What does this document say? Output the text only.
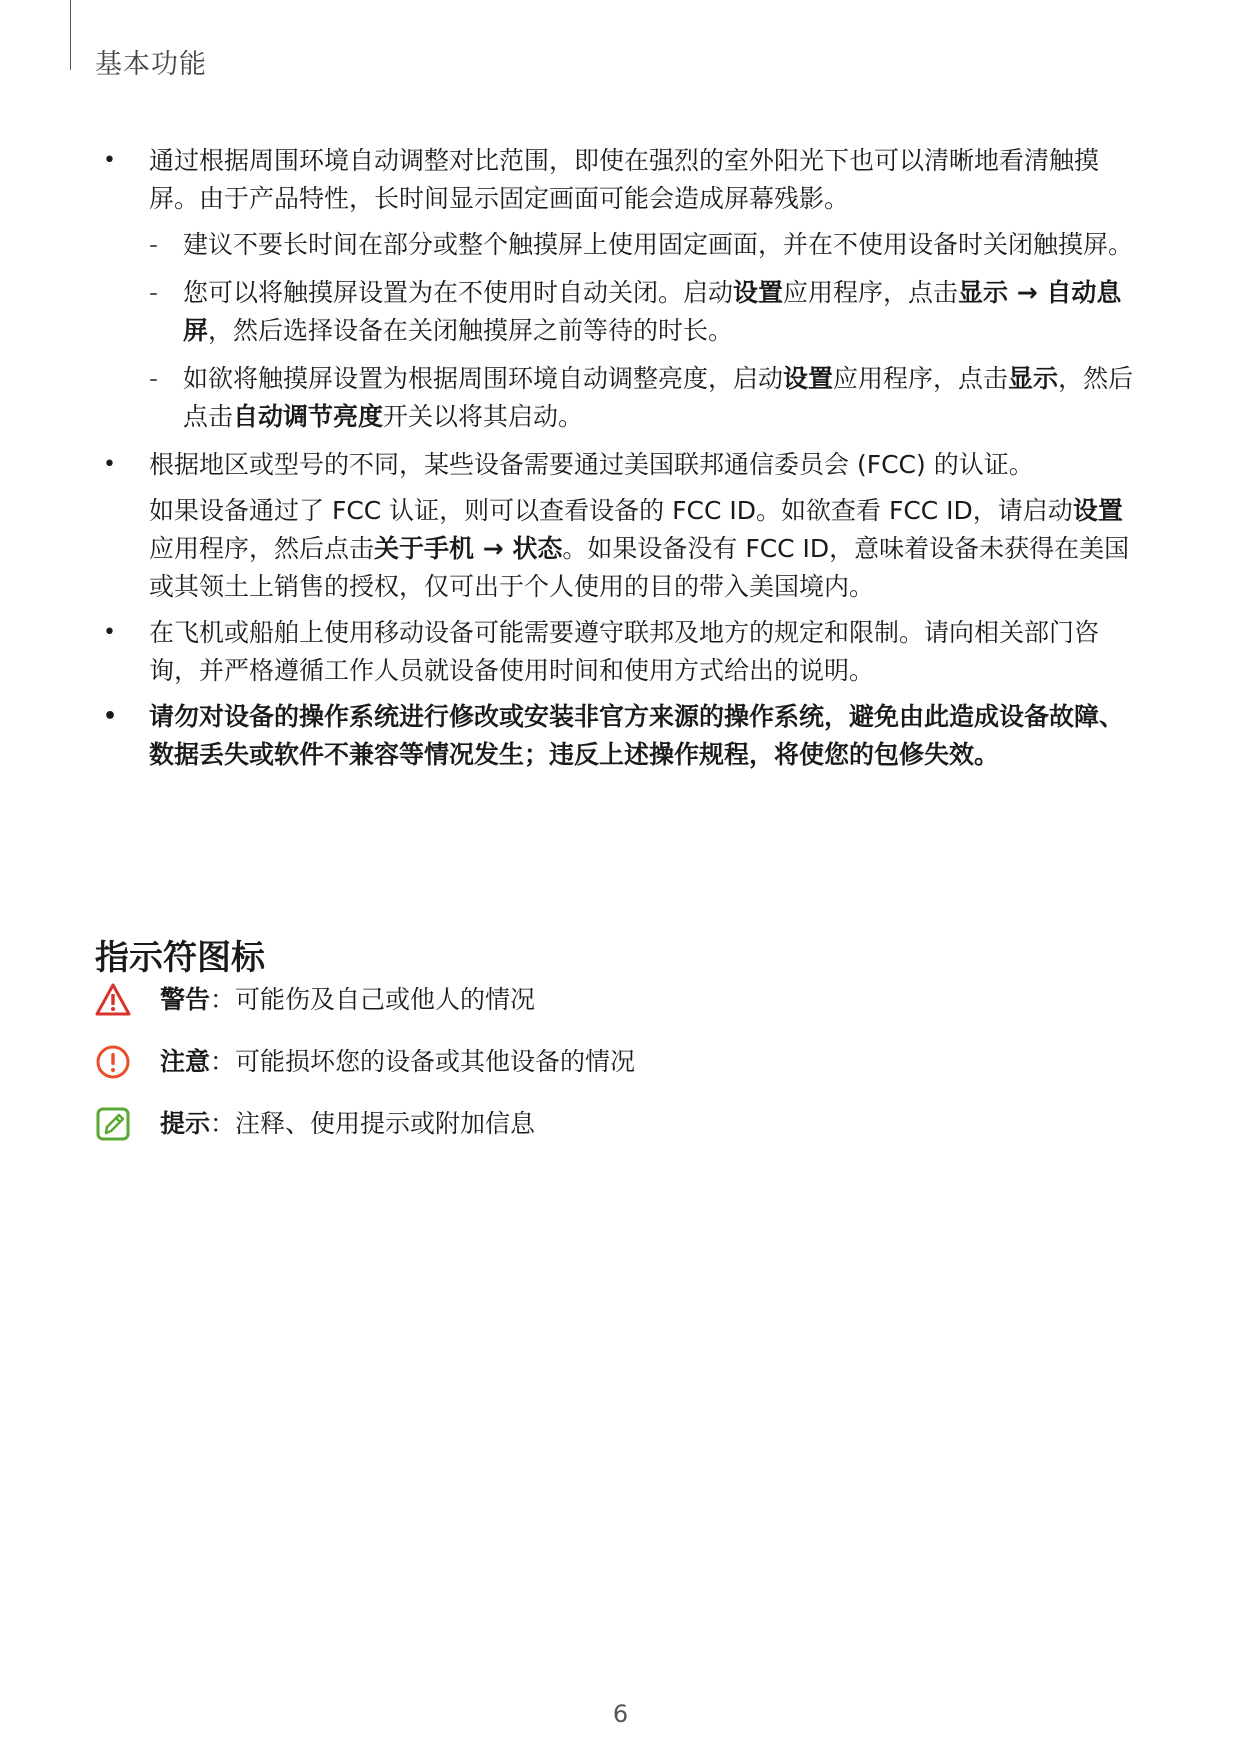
基本功能
• 通过根据周围环境自动调整对比范围，即使在强烈的室外阳光下也可以清晰地看清触摸屏。由于产品特性，长时间显示固定画面可能会造成屏幕残影。
- 建议不要长时间在部分或整个触摸屏上使用固定画面，并在不使用设备时关闭触摸屏。
- 您可以将触摸屏设置为在不使用时自动关闭。启动设置应用程序，点击显示 → 自动息屏，然后选择设备在关闭触摸屏之前等待的时长。
- 如欲将触摸屏设置为根据周围环境自动调整亮度，启动设置应用程序，点击显示，然后点击自动调节亮度开关以将其启动。
• 根据地区或型号的不同，某些设备需要通过美国联邦通信委员会 (FCC) 的认证。
如果设备通过了 FCC 认证，则可以查看设备的 FCC ID。如欲查看 FCC ID，请启动设置应用程序，然后点击关于手机 → 状态。如果设备没有 FCC ID，意味着设备未获得在美国或其领土上销售的授权，仅可出于个人使用的目的带入美国境内。
• 在飞机或船舶上使用移动设备可能需要遵守联邦及地方的规定和限制。请向相关部门咨询，并严格遵循工作人员就设备使用时间和使用方式给出的说明。
• 请勿对设备的操作系统进行修改或安装非官方来源的操作系统，避免由此造成设备故障、数据丢失或软件不兼容等情况发生；违反上述操作规程，将使您的包修失效。
指示符图标
警告：可能伤及自己或他人的情况
注意：可能损坏您的设备或其他设备的情况
提示：注释、使用提示或附加信息
6
